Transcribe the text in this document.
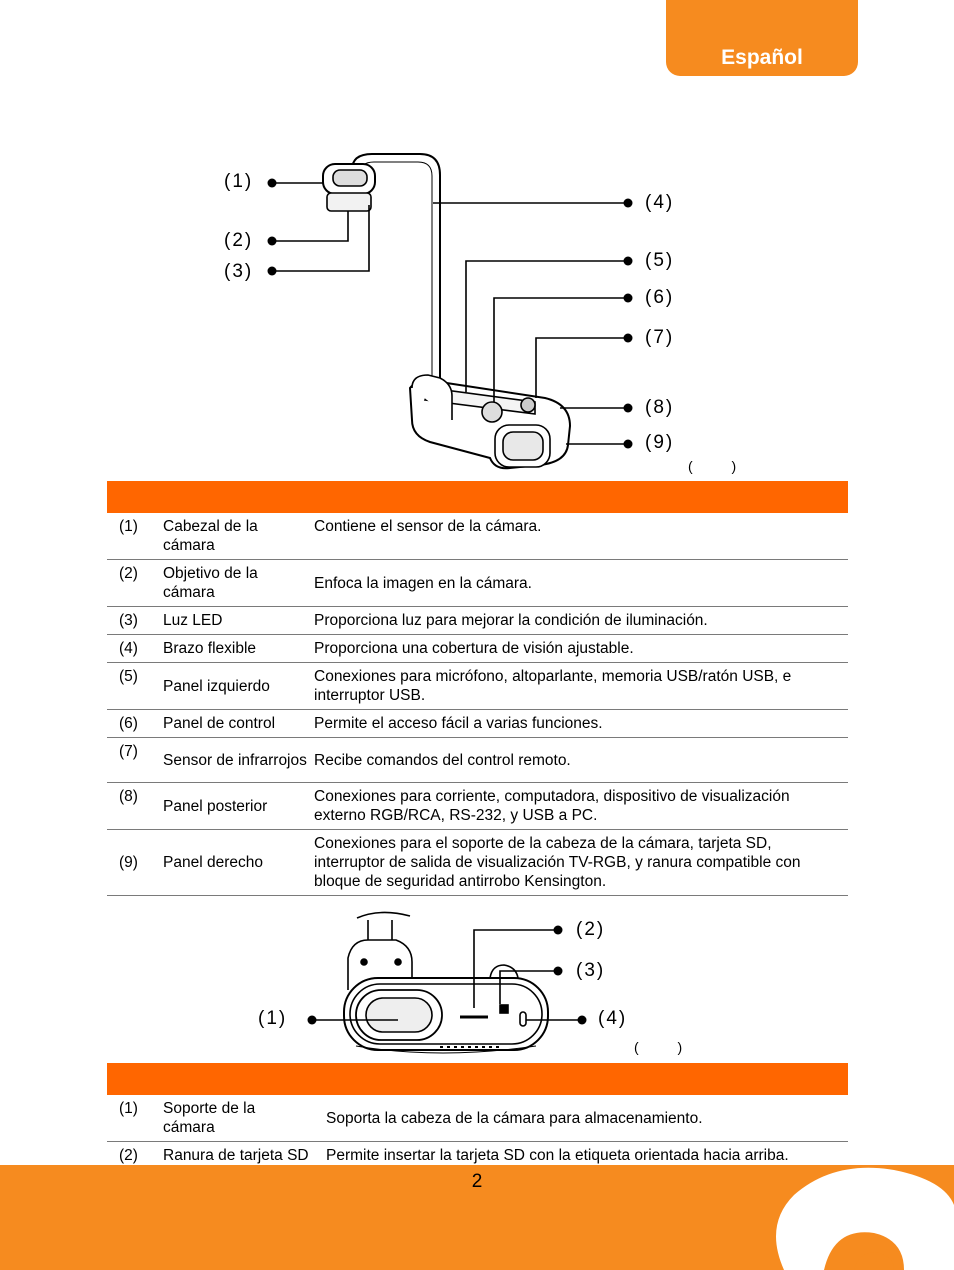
Español
(1)
(2)
(3)
(4)
(5)
(6)
(7)
(8)
(9)
(          )
(1)	Cabezal de la cámara	Contiene el sensor de la cámara.
(2)	Objetivo de la cámara	Enfoca la imagen en la cámara.
(3)	Luz LED	Proporciona luz para mejorar la condición de iluminación.
(4)	Brazo flexible	Proporciona una cobertura de visión ajustable.
(5)	Panel izquierdo	Conexiones para micrófono, altoparlante, memoria USB/ratón USB, e interruptor USB.
(6)	Panel de control	Permite el acceso fácil a varias funciones.
(7)	Sensor de infrarrojos	Recibe comandos del control remoto.
(8)	Panel posterior	Conexiones para corriente, computadora, dispositivo de visualización externo RGB/RCA, RS-232, y USB a PC.
(9)	Panel derecho	Conexiones para el soporte de la cabeza de la cámara, tarjeta SD, interruptor de salida de visualización TV-RGB, y ranura compatible con bloque de seguridad antirrobo Kensington.
(1)
(2)
(3)
(4)
(          )
(1)	Soporte de la cámara	Soporta la cabeza de la cámara para almacenamiento.
(2)	Ranura de tarjeta SD	Permite insertar la tarjeta SD con la etiqueta orientada hacia arriba.
2
